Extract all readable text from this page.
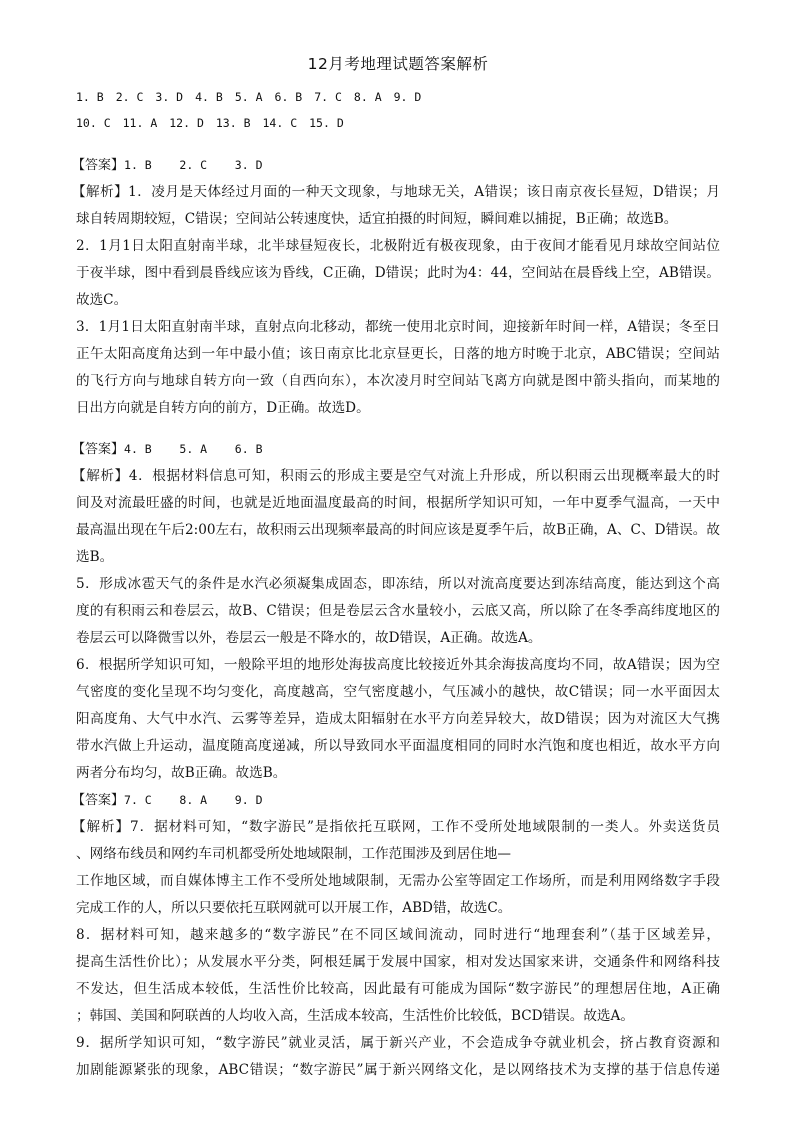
12月考地理试题答案解析
1. B 2. C 3. D 4. B 5. A 6. B 7. C 8. A 9. D
10. C 11. A 12. D 13. B 14. C 15. D
【答案】1. B    2. C    3. D
【解析】1．凌月是天体经过月面的一种天文现象，与地球无关，A错误；该日南京夜长昼短，D错误；月
球自转周期较短，C错误；空间站公转速度快，适宜拍摄的时间短，瞬间难以捕捉，B正确；故选B。
2．1月1日太阳直射南半球，北半球昼短夜长，北极附近有极夜现象，由于夜间才能看见月球故空间站位
于夜半球，图中看到晨昏线应该为昏线，C正确，D错误；此时为4：44，空间站在晨昏线上空，AB错误。
故选C。
3．1月1日太阳直射南半球，直射点向北移动，都统一使用北京时间，迎接新年时间一样，A错误；冬至日
正午太阳高度角达到一年中最小值；该日南京比北京昼更长，日落的地方时晚于北京，ABC错误；空间站
的飞行方向与地球自转方向一致（自西向东），本次凌月时空间站飞离方向就是图中箭头指向，而某地的
日出方向就是自转方向的前方，D正确。故选D。
【答案】4. B    5. A    6. B
【解析】4．根据材料信息可知，积雨云的形成主要是空气对流上升形成，所以积雨云出现概率最大的时
间及对流最旺盛的时间，也就是近地面温度最高的时间，根据所学知识可知，一年中夏季气温高，一天中
最高温出现在午后2:00左右，故积雨云出现频率最高的时间应该是夏季午后，故B正确，A、C、D错误。故
选B。
5．形成冰雹天气的条件是水汽必须凝集成固态，即冻结，所以对流高度要达到冻结高度，能达到这个高
度的有积雨云和卷层云，故B、C错误；但是卷层云含水量较小，云底又高，所以除了在冬季高纬度地区的
卷层云可以降微雪以外，卷层云一般是不降水的，故D错误，A正确。故选A。
6．根据所学知识可知，一般除平坦的地形处海拔高度比较接近外其余海拔高度均不同，故A错误；因为空
气密度的变化呈现不均匀变化，高度越高，空气密度越小，气压减小的越快，故C错误；同一水平面因太
阳高度角、大气中水汽、云雾等差异，造成太阳辐射在水平方向差异较大，故D错误；因为对流区大气携
带水汽做上升运动，温度随高度递减，所以导致同水平面温度相同的同时水汽饱和度也相近，故水平方向
两者分布均匀，故B正确。故选B。
【答案】7. C    8. A    9. D
【解析】7．据材料可知，“数字游民”是指依托互联网，工作不受所处地域限制的一类人。外卖送货员
、网络布线员和网约车司机都受所处地域限制，工作范围涉及到居住地—
工作地区域，而自媒体博主工作不受所处地域限制，无需办公室等固定工作场所，而是利用网络数字手段
完成工作的人，所以只要依托互联网就可以开展工作，ABD错，故选C。
8．据材料可知，越来越多的“数字游民”在不同区域间流动，同时进行“地理套利”（基于区域差异，
提高生活性价比）；从发展水平分类，阿根廷属于发展中国家，相对发达国家来讲，交通条件和网络科技
不发达，但生活成本较低，生活性价比较高，因此最有可能成为国际“数字游民”的理想居住地，A正确
；韩国、美国和阿联酋的人均收入高，生活成本较高，生活性价比较低，BCD错误。故选A。
9．据所学知识可知，“数字游民”就业灵活，属于新兴产业，不会造成争夺就业机会，挤占教育资源和
加剧能源紧张的现象，ABC错误；“数字游民”属于新兴网络文化，是以网络技术为支撑的基于信息传递
